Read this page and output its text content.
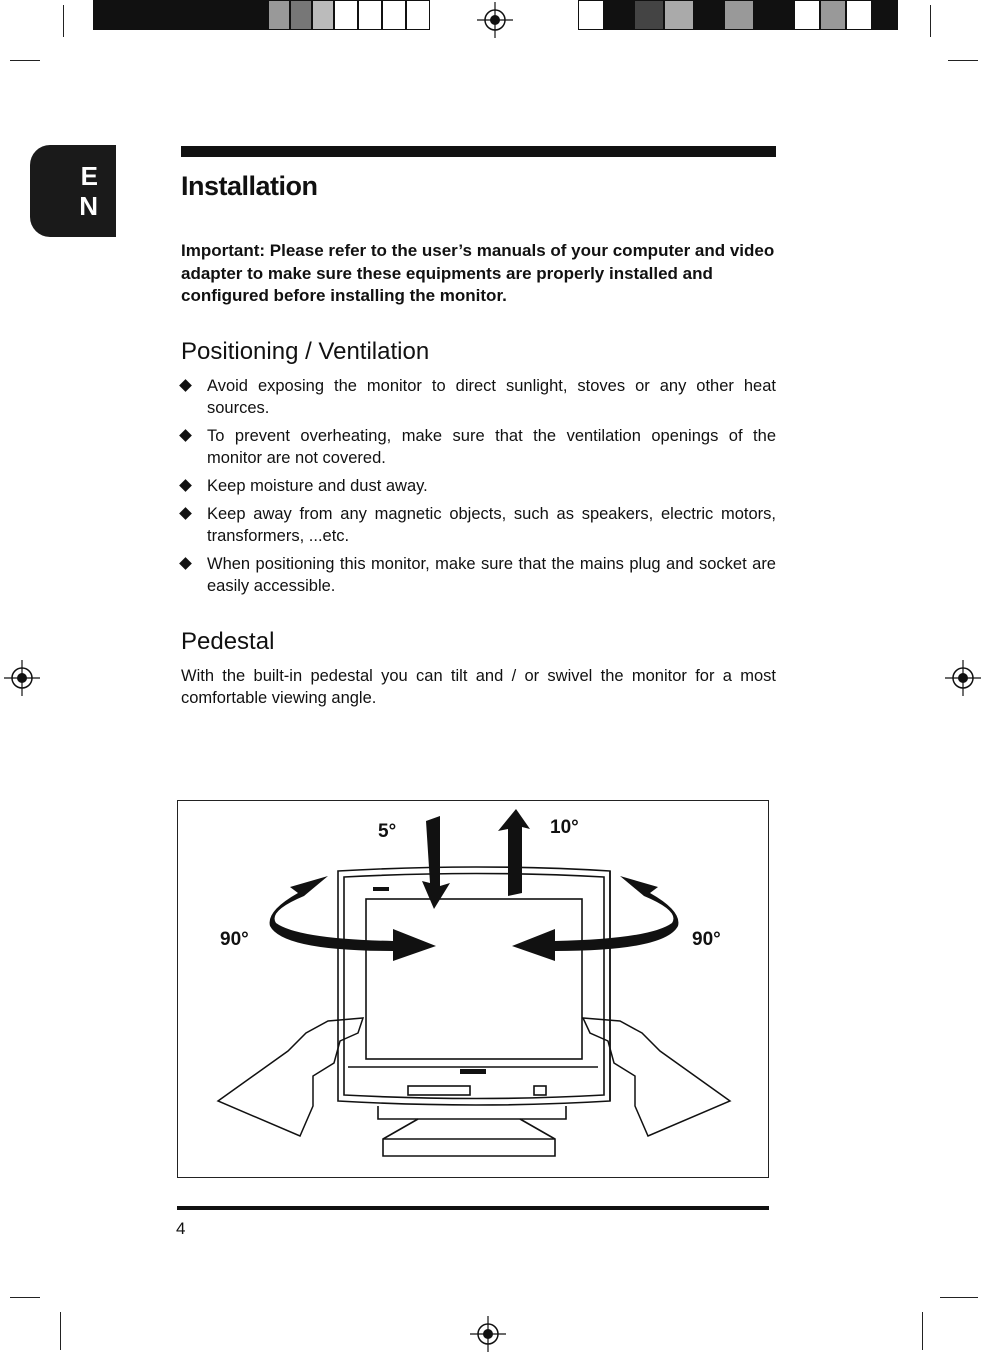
E
N
Installation
Important: Please refer to the user’s manuals of your computer and video adapter to make sure these equipments are properly installed and configured before installing the monitor.
Positioning / Ventilation
Avoid exposing the monitor to direct sunlight, stoves or any other heat sources.
To prevent overheating, make sure that the ventilation openings of the monitor are not covered.
Keep moisture and dust away.
Keep away from any magnetic objects, such as speakers, electric motors, transformers, ...etc.
When positioning this monitor, make sure that the mains plug and socket are easily accessible.
Pedestal
With the built-in pedestal you can tilt and / or swivel the monitor for a most comfortable viewing angle.
5°	10°
90°	90°
4
